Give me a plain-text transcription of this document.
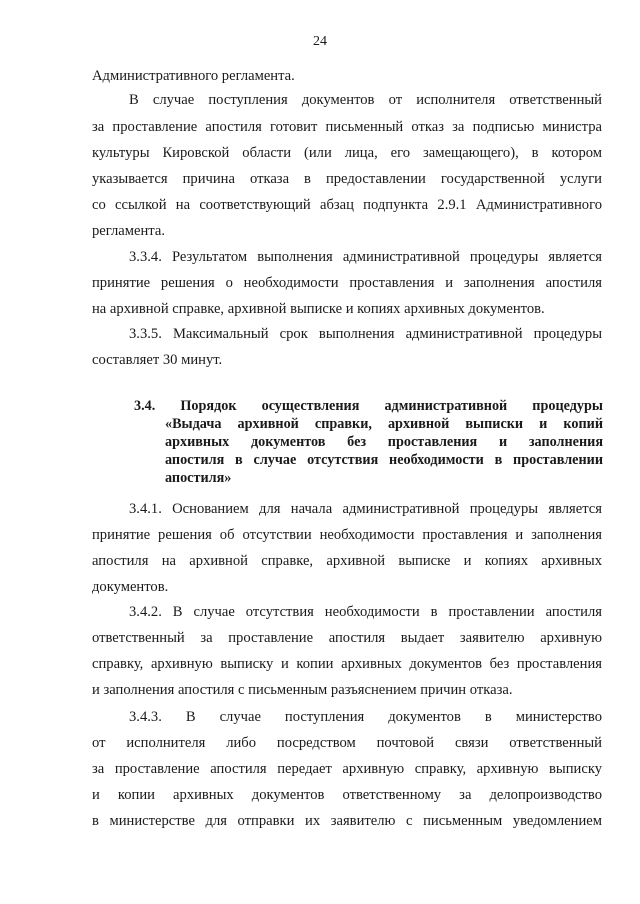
24
Административного регламента.
В случае поступления документов от исполнителя ответственный
за проставление апостиля готовит письменный отказ за подписью министра
культуры Кировской области (или лица, его замещающего), в котором
указывается причина отказа в предоставлении государственной услуги
со ссылкой на соответствующий абзац подпункта 2.9.1 Административного
регламента.
3.3.4. Результатом выполнения административной процедуры является
принятие решения о необходимости проставления и заполнения апостиля
на архивной справке, архивной выписке и копиях архивных документов.
3.3.5. Максимальный срок выполнения административной процедуры
составляет 30 минут.
3.4. Порядок осуществления административной процедуры
«Выдача архивной справки, архивной выписки и копий
архивных документов без проставления и заполнения
апостиля в случае отсутствия необходимости в проставлении
апостиля»
3.4.1. Основанием для начала административной процедуры является
принятие решения об отсутствии необходимости проставления и заполнения
апостиля на архивной справке, архивной выписке и копиях архивных
документов.
3.4.2. В случае отсутствия необходимости в проставлении апостиля
ответственный за проставление апостиля выдает заявителю архивную
справку, архивную выписку и копии архивных документов без проставления
и заполнения апостиля с письменным разъяснением причин отказа.
3.4.3. В случае поступления документов в министерство
от исполнителя либо посредством почтовой связи ответственный
за проставление апостиля передает архивную справку, архивную выписку
и копии архивных документов ответственному за делопроизводство
в министерстве для отправки их заявителю с письменным уведомлением
